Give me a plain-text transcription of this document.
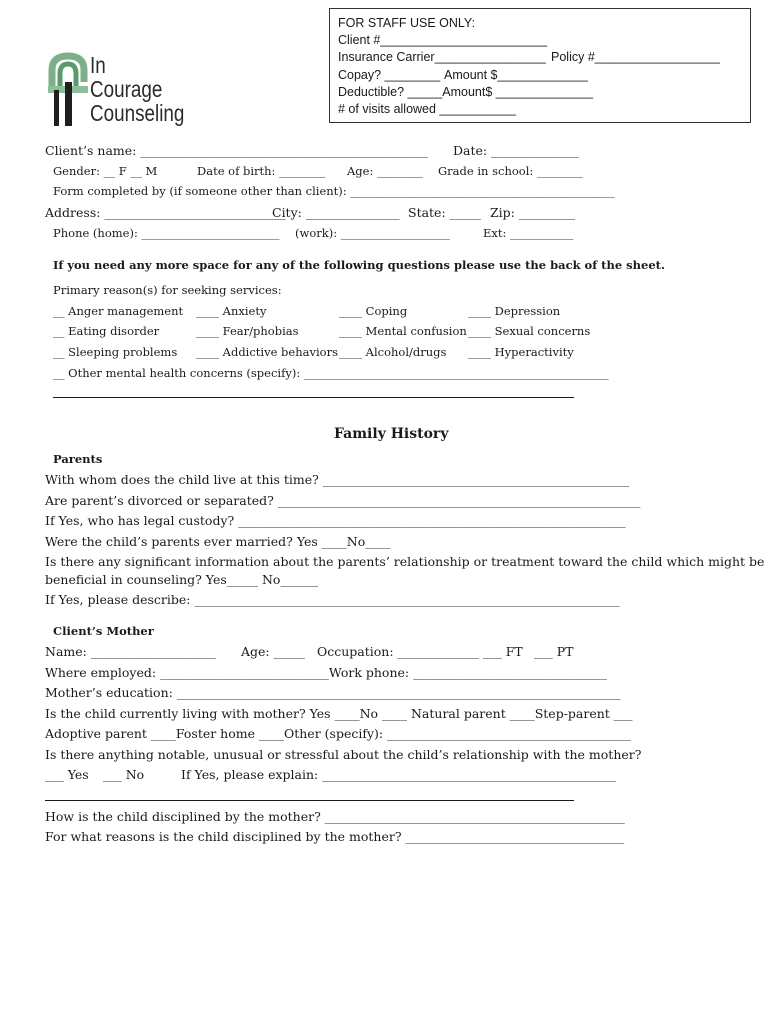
FOR STAFF USE ONLY:
Client #________________________
Insurance Carrier________________ Policy #__________________
Copay? ________ Amount $_____________
Deductible? _____Amount$ ______________
# of visits allowed ___________
In
Courage
Counseling
Client’s name: ______________________________________________ Date: ______________
Gender: __ F __ M	Date of birth: ________ Age: ________ Grade in school: ________
Form completed by (if someone other than client): ______________________________________________
Address: _____________________________
City: _______________ State: _____ Zip: _________
Phone (home): ________________________ (work): ___________________	Ext: ___________
If you need any more space for any of the following questions please use the back of the sheet.
Primary reason(s) for seeking services:
__ Anger management ____ Anxiety	____ Coping	____ Depression
__ Eating disorder	____ Fear/phobias	____ Mental confusion ____ Sexual concerns
__ Sleeping problems ____ Addictive behaviors ____ Alcohol/drugs ____ Hyperactivity
__ Other mental health concerns (specify): _____________________________________________________
Family History
Parents
With whom does the child live at this time? _________________________________________________
Are parent’s divorced or separated? __________________________________________________________
If Yes, who has legal custody? ______________________________________________________________
Were the child’s parents ever married? Yes ____No____
Is there any significant information about the parents’ relationship or treatment toward the child which might be
beneficial in counseling? Yes_____ No______
If Yes, please describe: ____________________________________________________________________
Client’s Mother
Name: ____________________ Age: _____ Occupation: _____________ ___ FT ___ PT
Where employed: ___________________________Work phone: _______________________________
Mother’s education: _______________________________________________________________________
Is the child currently living with mother? Yes ____No ____ Natural parent ____Step-parent ___
Adoptive parent ____Foster home ____Other (specify): _______________________________________
Is there anything notable, unusual or stressful about the child’s relationship with the mother?
___ Yes ___ No	If Yes, please explain: _______________________________________________
How is the child disciplined by the mother? ________________________________________________
For what reasons is the child disciplined by the mother? ___________________________________
